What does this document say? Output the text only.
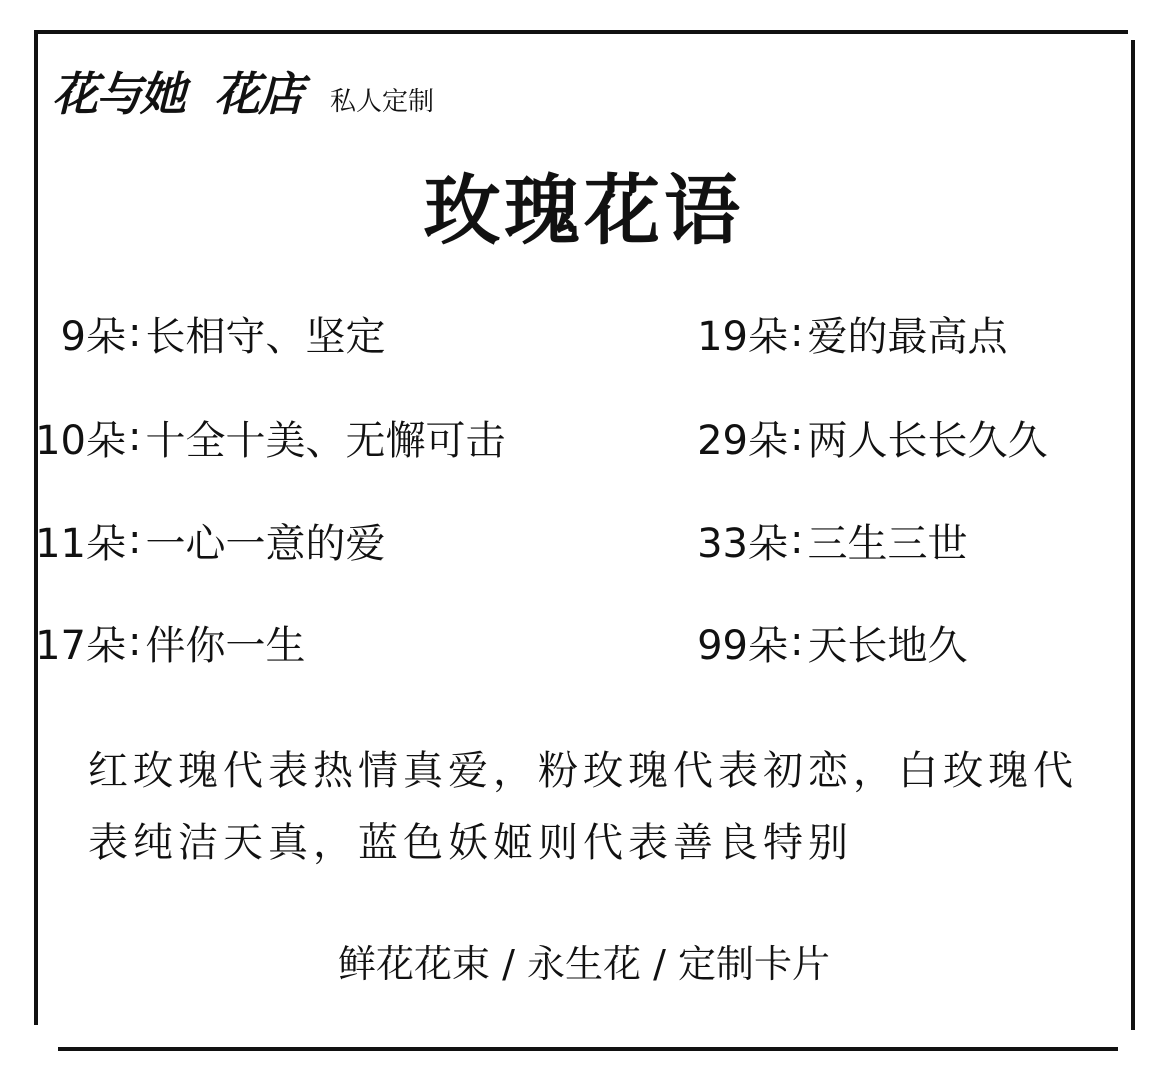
花与她 花店 私人定制
玫瑰花语
9朵 : 长相守、坚定
10朵 : 十全十美、无懈可击
11朵 : 一心一意的爱
17朵 : 伴你一生
19朵 : 爱的最高点
29朵 : 两人长长久久
33朵 : 三生三世
99朵 : 天长地久
红玫瑰代表热情真爱，粉玫瑰代表初恋，白玫瑰代表纯洁天真，蓝色妖姬则代表善良特别
鲜花花束 / 永生花 / 定制卡片
